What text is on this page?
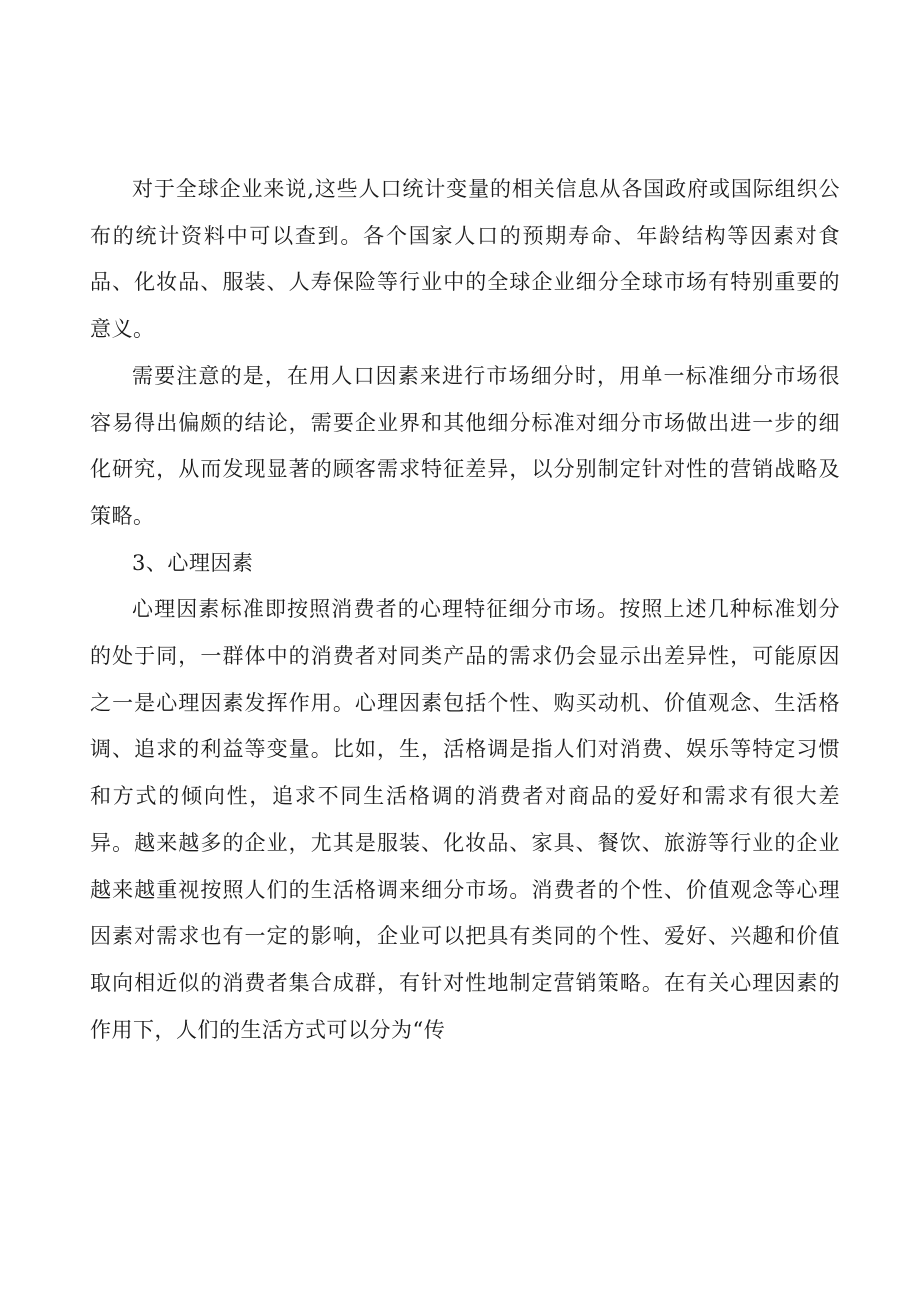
对于全球企业来说,这些人口统计变量的相关信息从各国政府或国际组织公布的统计资料中可以查到。各个国家人口的预期寿命、年龄结构等因素对食品、化妆品、服装、人寿保险等行业中的全球企业细分全球市场有特别重要的意义。

需要注意的是，在用人口因素来进行市场细分时，用单一标准细分市场很容易得出偏颇的结论，需要企业界和其他细分标准对细分市场做出进一步的细化研究，从而发现显著的顾客需求特征差异，以分别制定针对性的营销战略及策略。

3、心理因素

心理因素标准即按照消费者的心理特征细分市场。按照上述几种标准划分的处于同，一群体中的消费者对同类产品的需求仍会显示出差异性，可能原因之一是心理因素发挥作用。心理因素包括个性、购买动机、价值观念、生活格调、追求的利益等变量。比如，生，活格调是指人们对消费、娱乐等特定习惯和方式的倾向性，追求不同生活格调的消费者对商品的爱好和需求有很大差异。越来越多的企业，尤其是服装、化妆品、家具、餐饮、旅游等行业的企业越来越重视按照人们的生活格调来细分市场。消费者的个性、价值观念等心理因素对需求也有一定的影响，企业可以把具有类同的个性、爱好、兴趣和价值取向相近似的消费者集合成群，有针对性地制定营销策略。在有关心理因素的作用下，人们的生活方式可以分为“传
